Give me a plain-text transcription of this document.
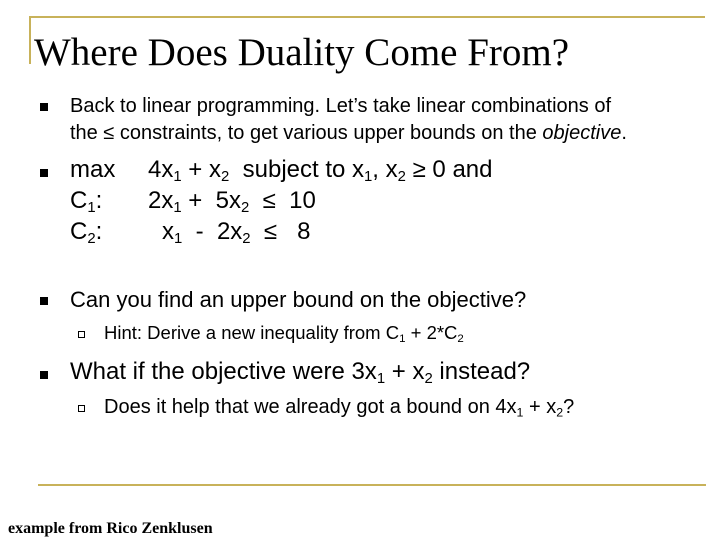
Where Does Duality Come From?
Back to linear programming. Let’s take linear combinations of
the ≤ constraints, to get various upper bounds on the objective.
$\max 4x_1 + x_2$  subject to $x_1$, $x_2 \ge 0$ and
$C_1$: $2x_1 + 5x_2 \le 10$
$C_2$: $x_1 - 2x_2 \le 8$
Can you find an upper bound on the objective?
Hint: Derive a new inequality from $C_1 + 2*C_2$
What if the objective were $3x_1 + x_2$ instead?
Does it help that we already got a bound on $4x_1 + x_2$?
example from Rico Zenklusen
